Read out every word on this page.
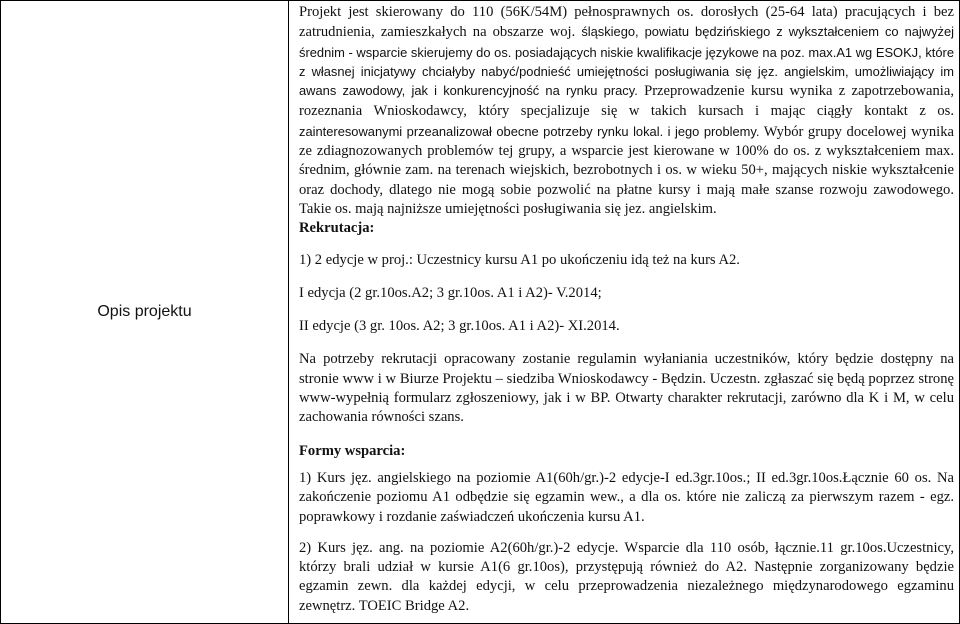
Opis projektu	

Projekt jest skierowany do 110 (56K/54M) pełnosprawnych os. dorosłych (25-64 lata) pracujących i bez zatrudnienia, zamieszkałych na obszarze woj. śląskiego, powiatu będzińskiego z wykształceniem co najwyżej średnim - wsparcie skierujemy do os. posiadających niskie kwalifikacje językowe na poz. max.A1 wg ESOKJ, które z własnej inicjatywy chciałyby nabyć/podnieść umiejętności posługiwania się jęz. angielskim, umożliwiający im awans zawodowy, jak i konkurencyjność na rynku pracy. Przeprowadzenie kursu wynika z zapotrzebowania, rozeznania Wnioskodawcy, który specjalizuje się w takich kursach i mając ciągły kontakt z os. zainteresowanymi przeanalizował obecne potrzeby rynku lokal. i jego problemy. Wybór grupy docelowej wynika ze zdiagnozowanych problemów tej grupy, a wsparcie jest kierowane w 100% do os. z wykształceniem max. średnim, głównie zam. na terenach wiejskich, bezrobotnych i os. w wieku 50+, mających niskie wykształcenie oraz dochody, dlatego nie mogą sobie pozwolić na płatne kursy i mają małe szanse rozwoju zawodowego. Takie os. mają najniższe umiejętności posługiwania się jez. angielskim.

Rekrutacja:

1) 2 edycje w proj.: Uczestnicy kursu A1 po ukończeniu idą też na kurs A2.

I edycja (2 gr.10os.A2; 3 gr.10os. A1 i A2)- V.2014;

II edycje (3 gr. 10os. A2; 3 gr.10os. A1 i A2)- XI.2014.

Na potrzeby rekrutacji opracowany zostanie regulamin wyłaniania uczestników, który będzie dostępny na stronie www i w Biurze Projektu – siedziba Wnioskodawcy - Będzin. Uczestn. zgłaszać się będą poprzez stronę www-wypełnią formularz zgłoszeniowy, jak i w BP. Otwarty charakter rekrutacji, zarówno dla K i M, w celu zachowania równości szans.

Formy wsparcia:

1) Kurs jęz. angielskiego na poziomie A1(60h/gr.)-2 edycje-I ed.3gr.10os.; II ed.3gr.10os.Łącznie 60 os. Na zakończenie poziomu A1 odbędzie się egzamin wew., a dla os. które nie zaliczą za pierwszym razem - egz. poprawkowy i rozdanie zaświadczeń ukończenia kursu A1.

2) Kurs jęz. ang. na poziomie A2(60h/gr.)-2 edycje. Wsparcie dla 110 osób, łącznie.11 gr.10os.Uczestnicy, którzy brali udział w kursie A1(6 gr.10os), przystępują również do A2. Następnie zorganizowany będzie egzamin zewn. dla każdej edycji, w celu przeprowadzenia niezależnego międzynarodowego egzaminu zewnętrz. TOEIC Bridge A2.
